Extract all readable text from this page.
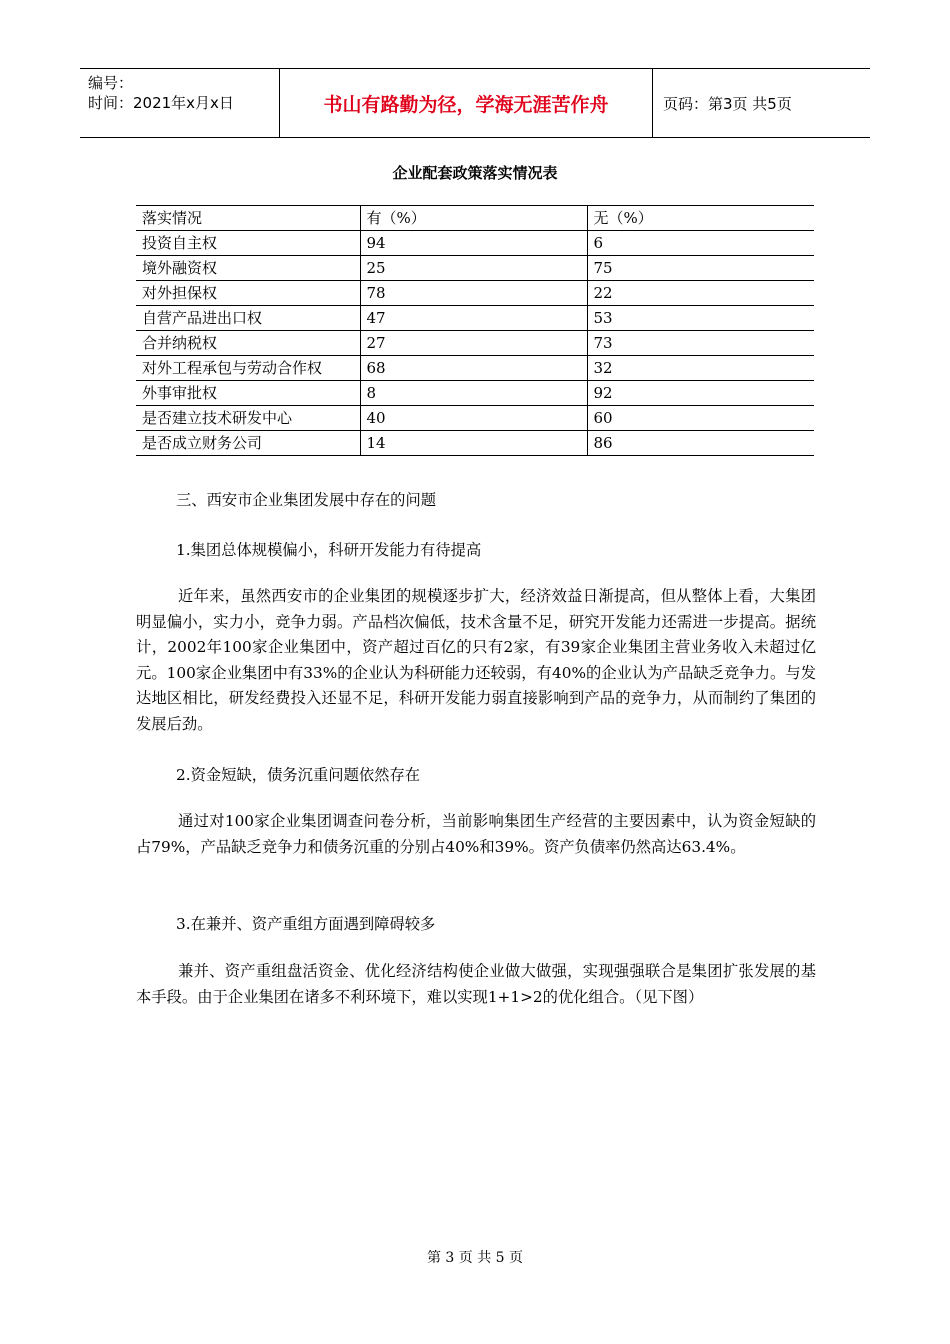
编号：
时间：2021年x月x日	书山有路勤为径，学海无涯苦作舟	页码：第3页 共5页
企业配套政策落实情况表
落实情况	有（%）	无（%）
投资自主权	94	6
境外融资权	25	75
对外担保权	78	22
自营产品进出口权	47	53
合并纳税权	27	73
对外工程承包与劳动合作权	68	32
外事审批权	8	92
是否建立技术研发中心	40	60
是否成立财务公司	14	86
三、西安市企业集团发展中存在的问题
1.集团总体规模偏小，科研开发能力有待提高
近年来，虽然西安市的企业集团的规模逐步扩大，经济效益日渐提高，但从整体上看，大集团明显偏小，实力小，竞争力弱。产品档次偏低，技术含量不足，研究开发能力还需进一步提高。据统计，2002年100家企业集团中，资产超过百亿的只有2家，有39家企业集团主营业务收入未超过亿元。100家企业集团中有33%的企业认为科研能力还较弱，有40%的企业认为产品缺乏竞争力。与发达地区相比，研发经费投入还显不足，科研开发能力弱直接影响到产品的竞争力，从而制约了集团的发展后劲。
2.资金短缺，债务沉重问题依然存在
通过对100家企业集团调查问卷分析，当前影响集团生产经营的主要因素中，认为资金短缺的占79%，产品缺乏竞争力和债务沉重的分别占40%和39%。资产负债率仍然高达63.4%。
3.在兼并、资产重组方面遇到障碍较多
兼并、资产重组盘活资金、优化经济结构使企业做大做强，实现强强联合是集团扩张发展的基本手段。由于企业集团在诸多不利环境下，难以实现1+1>2的优化组合。（见下图）
第 3 页 共 5 页
